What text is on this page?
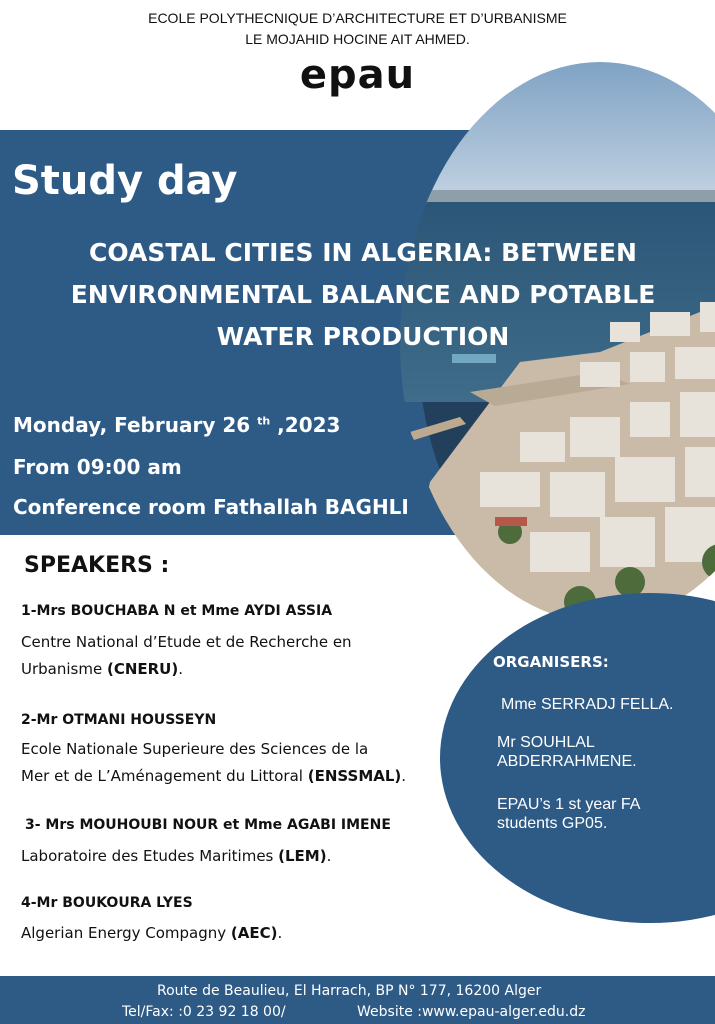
ECOLE POLYTHECNIQUE D’ARCHITECTURE ET D’URBANISME
LE MOJAHID HOCINE AIT AHMED.
epau
Study day
COASTAL CITIES IN ALGERIA: BETWEEN
ENVIRONMENTAL BALANCE AND POTABLE
WATER PRODUCTION
Monday, February 26 $^{th}$ ,2023
From 09:00 am
Conference room Fathallah BAGHLI
SPEAKERS :
1-Mrs BOUCHABA N et Mme AYDI ASSIA
Centre National d’Etude et de Recherche en
Urbanisme (CNERU).
2-Mr OTMANI HOUSSEYN
Ecole Nationale Superieure des Sciences de la
Mer et de L’Aménagement du Littoral (ENSSMAL).
3- Mrs MOUHOUBI NOUR et Mme AGABI IMENE
Laboratoire des Etudes Maritimes (LEM).
4-Mr BOUKOURA LYES
Algerian Energy Compagny (AEC).
ORGANISERS:
Mme SERRADJ FELLA.
Mr SOUHLAL
ABDERRAHMENE.
EPAU’s 1 st year FA
students GP05.
Route de Beaulieu, El Harrach, BP N° 177, 16200 Alger
Tel/Fax: :0 23 92 18 00/	Website :www.epau-alger.edu.dz
